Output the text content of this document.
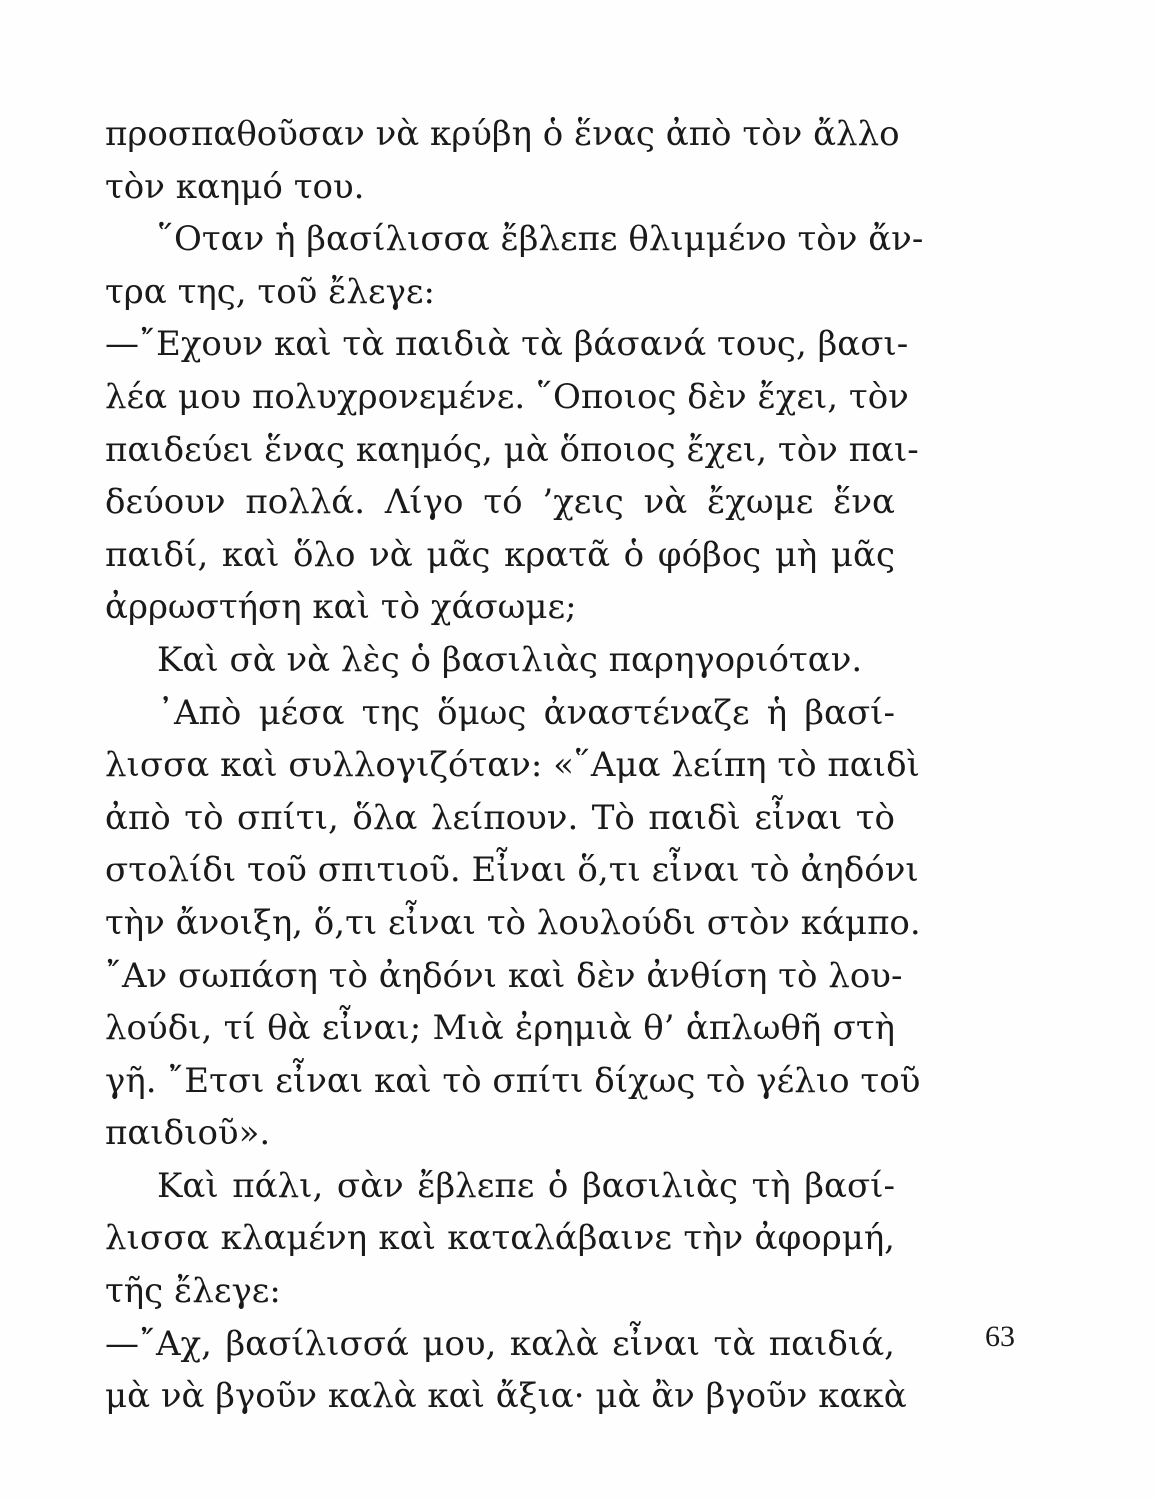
προσπαθοῦσαν νὰ κρύβη ὁ ἕνας ἀπὸ τὸν ἄλλο
τὸν καημό του.
῞Οταν ἡ βασίλισσα ἔβλεπε θλιμμένο τὸν ἄν-
τρα της, τοῦ ἔλεγε:
—῎Εχουν καὶ τὰ παιδιὰ τὰ βάσανά τους, βασι-
λέα μου πολυχρονεμένε. ῞Οποιος δὲν ἔχει, τὸν
παιδεύει ἕνας καημός, μὰ ὅποιος ἔχει, τὸν παι-
δεύουν πολλά. Λίγο τό ’χεις νὰ ἔχωμε ἕνα
παιδί, καὶ ὅλο νὰ μᾶς κρατᾶ ὁ φόβος μὴ μᾶς
ἀρρωστήση καὶ τὸ χάσωμε;
Καὶ σὰ νὰ λὲς ὁ βασιλιὰς παρηγοριόταν.
᾿Απὸ μέσα της ὅμως ἀναστέναζε ἡ βασί-
λισσα καὶ συλλογιζόταν: «῞Αμα λείπη τὸ παιδὶ
ἀπὸ τὸ σπίτι, ὅλα λείπουν. Τὸ παιδὶ εἶναι τὸ
στολίδι τοῦ σπιτιοῦ. Εἶναι ὅ,τι εἶναι τὸ ἀηδόνι
τὴν ἄνοιξη, ὅ,τι εἶναι τὸ λουλούδι στὸν κάμπο.
῎Αν σωπάση τὸ ἀηδόνι καὶ δὲν ἀνθίση τὸ λου-
λούδι, τί θὰ εἶναι; Μιὰ ἐρημιὰ θ’ ἁπλωθῆ στὴ
γῆ. ῎Ετσι εἶναι καὶ τὸ σπίτι δίχως τὸ γέλιο τοῦ
παιδιοῦ».
Καὶ πάλι, σὰν ἔβλεπε ὁ βασιλιὰς τὴ βασί-
λισσα κλαμένη καὶ καταλάβαινε τὴν ἀφορμή,
τῆς ἔλεγε:
—῎Αχ, βασίλισσά μου, καλὰ εἶναι τὰ παιδιά,
μὰ νὰ βγοῦν καλὰ καὶ ἄξια· μὰ ἂν βγοῦν κακὰ
63
